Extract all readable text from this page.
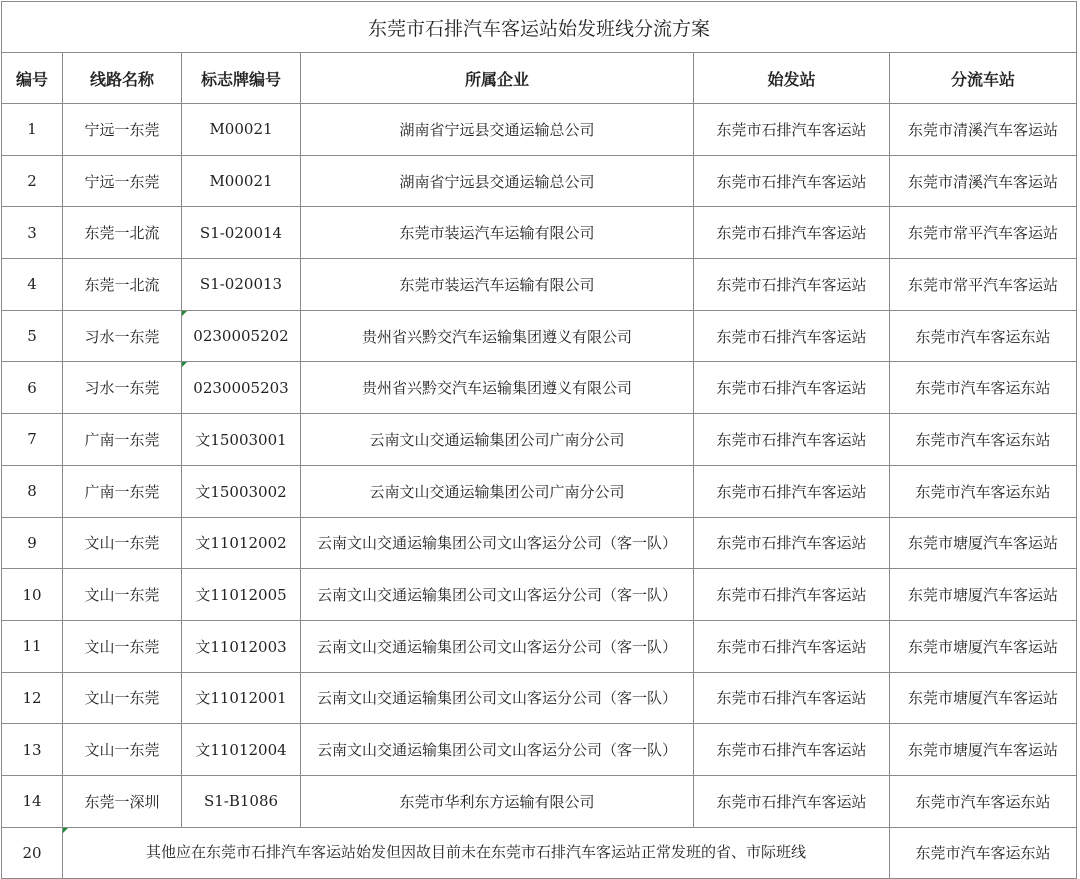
东莞市石排汽车客运站始发班线分流方案					
编号	线路名称	标志牌编号	所属企业	始发站	分流车站
1	宁远一东莞	M00021	湖南省宁远县交通运输总公司	东莞市石排汽车客运站	东莞市清溪汽车客运站
2	宁远一东莞	M00021	湖南省宁远县交通运输总公司	东莞市石排汽车客运站	东莞市清溪汽车客运站
3	东莞一北流	S1-020014	东莞市装运汽车运输有限公司	东莞市石排汽车客运站	东莞市常平汽车客运站
4	东莞一北流	S1-020013	东莞市装运汽车运输有限公司	东莞市石排汽车客运站	东莞市常平汽车客运站
5	习水一东莞	0230005202	贵州省兴黔交汽车运输集团遵义有限公司	东莞市石排汽车客运站	东莞市汽车客运东站
6	习水一东莞	0230005203	贵州省兴黔交汽车运输集团遵义有限公司	东莞市石排汽车客运站	东莞市汽车客运东站
7	广南一东莞	文15003001	云南文山交通运输集团公司广南分公司	东莞市石排汽车客运站	东莞市汽车客运东站
8	广南一东莞	文15003002	云南文山交通运输集团公司广南分公司	东莞市石排汽车客运站	东莞市汽车客运东站
9	文山一东莞	文11012002	云南文山交通运输集团公司文山客运分公司（客一队）	东莞市石排汽车客运站	东莞市塘厦汽车客运站
10	文山一东莞	文11012005	云南文山交通运输集团公司文山客运分公司（客一队）	东莞市石排汽车客运站	东莞市塘厦汽车客运站
11	文山一东莞	文11012003	云南文山交通运输集团公司文山客运分公司（客一队）	东莞市石排汽车客运站	东莞市塘厦汽车客运站
12	文山一东莞	文11012001	云南文山交通运输集团公司文山客运分公司（客一队）	东莞市石排汽车客运站	东莞市塘厦汽车客运站
13	文山一东莞	文11012004	云南文山交通运输集团公司文山客运分公司（客一队）	东莞市石排汽车客运站	东莞市塘厦汽车客运站
14	东莞一深圳	S1-B1086	东莞市华利东方运输有限公司	东莞市石排汽车客运站	东莞市汽车客运东站
20	其他应在东莞市石排汽车客运站始发但因故目前未在东莞市石排汽车客运站正常发班的省、市际班线				东莞市汽车客运东站
